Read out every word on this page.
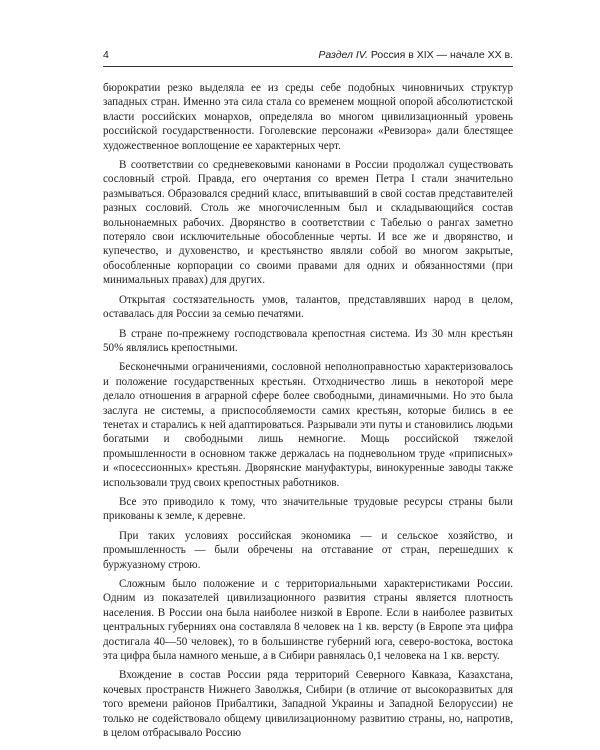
4	Раздел IV. Россия в XIX — начале XX в.

бюрократии резко выделяла ее из среды себе подобных чиновничьих структур западных стран. Именно эта сила стала со временем мощной опорой абсолютистской власти российских монархов, определяла во многом цивилизационный уровень российской государственности. Гоголевские персонажи «Ревизора» дали блестящее художественное воплощение ее характерных черт.

В соответствии со средневековыми канонами в России продолжал существовать сословный строй. Правда, его очертания со времен Петра I стали значительно размываться. Образовался средний класс, впитывавший в свой состав представителей разных сословий. Столь же многочисленным был и складывающийся состав вольнонаемных рабочих. Дворянство в соответствии с Табелью о рангах заметно потеряло свои исключительные обособленные черты. И все же и дворянство, и купечество, и духовенство, и крестьянство являли собой во многом закрытые, обособленные корпорации со своими правами для одних и обязанностями (при минимальных правах) для других.

Открытая состязательность умов, талантов, представлявших народ в целом, оставалась для России за семью печатями.

В стране по-прежнему господствовала крепостная система. Из 30 млн крестьян 50% являлись крепостными.

Бесконечными ограничениями, сословной неполноправностью характеризовалось и положение государственных крестьян. Отходничество лишь в некоторой мере делало отношения в аграрной сфере более свободными, динамичными. Но это была заслуга не системы, а приспособляемости самих крестьян, которые бились в ее тенетах и старались к ней адаптироваться. Разрывали эти путы и становились людьми богатыми и свободными лишь немногие. Мощь российской тяжелой промышленности в основном также держалась на подневольном труде «приписных» и «посессионных» крестьян. Дворянские мануфактуры, винокуренные заводы также использовали труд своих крепостных работников.

Все это приводило к тому, что значительные трудовые ресурсы страны были прикованы к земле, к деревне.

При таких условиях российская экономика — и сельское хозяйство, и промышленность — были обречены на отставание от стран, перешедших к буржуазному строю.

Сложным было положение и с территориальными характеристиками России. Одним из показателей цивилизационного развития страны является плотность населения. В России она была наиболее низкой в Европе. Если в наиболее развитых центральных губерниях она составляла 8 человек на 1 кв. версту (в Европе эта цифра достигала 40—50 человек), то в большинстве губерний юга, северо-востока, востока эта цифра была намного меньше, а в Сибири равнялась 0,1 человека на 1 кв. версту.

Вхождение в состав России ряда территорий Северного Кавказа, Казахстана, кочевых пространств Нижнего Заволжья, Сибири (в отличие от высокоразвитых для того времени районов Прибалтики, Западной Украины и Западной Белоруссии) не только не содействовало общему цивилизационному развитию страны, но, напротив, в целом отбрасывало Россию
